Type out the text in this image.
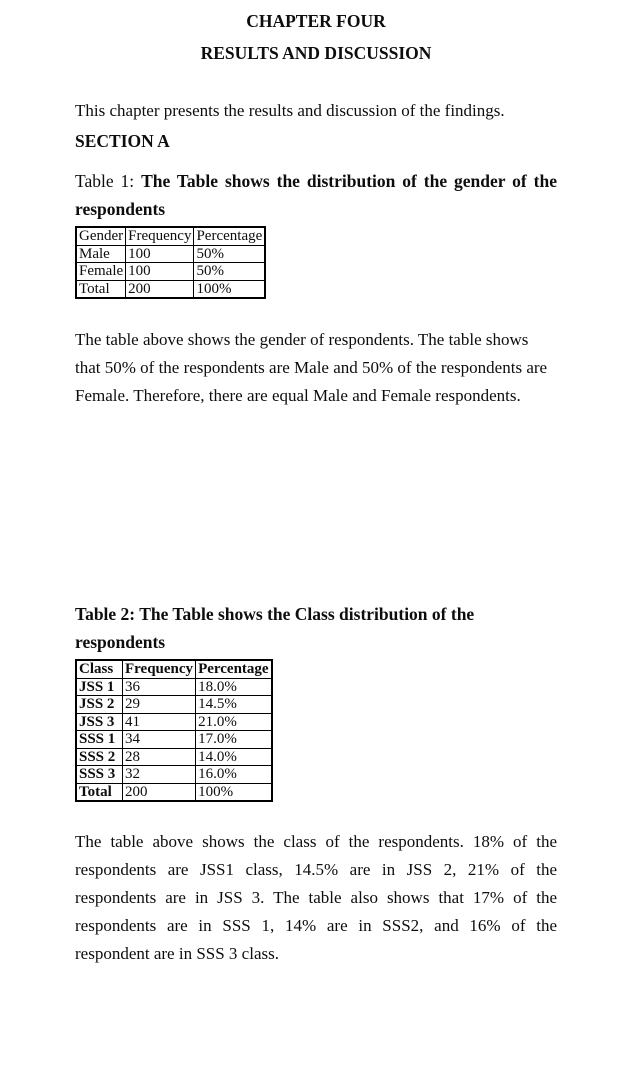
CHAPTER FOUR
RESULTS AND DISCUSSION

This chapter presents the results and discussion of the findings.

SECTION A

Table 1: The Table shows the distribution of the gender of the respondents

Gender	Frequency	Percentage
Male	100	50%
Female	100	50%
Total	200	100%

The table above shows the gender of respondents. The table shows that 50% of the respondents are Male and 50% of the respondents are Female. Therefore, there are equal Male and Female respondents.

Table 2: The Table shows the Class distribution of the respondents

Class	Frequency	Percentage
JSS 1	36	18.0%
JSS 2	29	14.5%
JSS 3	41	21.0%
SSS 1	34	17.0%
SSS 2	28	14.0%
SSS 3	32	16.0%
Total	200	100%

The table above shows the class of the respondents. 18% of the respondents are JSS1 class, 14.5% are in JSS 2, 21% of the respondents are in JSS 3. The table also shows that 17% of the respondents are in SSS 1, 14% are in SSS2, and 16% of the respondent are in SSS 3 class.
